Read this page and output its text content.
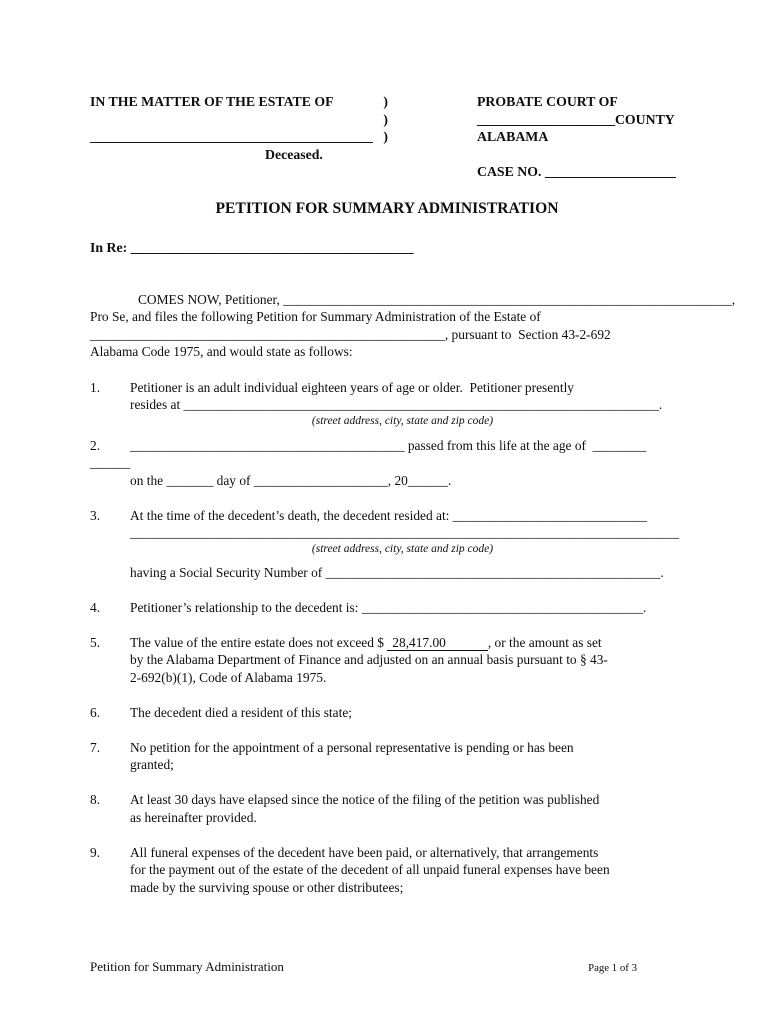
IN THE MATTER OF THE ESTATE OF	)

)
_________________________________________ )
Deceased.
PROBATE COURT OF
____________________COUNTY
ALABAMA

CASE NO. ___________________
PETITION FOR SUMMARY ADMINISTRATION
In Re: _________________________________________
COMES NOW, Petitioner, ___________________________________________________________________,
Pro Se, and files the following Petition for Summary Administration of the Estate of
_____________________________________________________, pursuant to  Section 43-2-692
Alabama Code 1975, and would state as follows:
1.	Petitioner is an adult individual eighteen years of age or older.  Petitioner presently
resides at _______________________________________________________________________.
(street address, city, state and zip code)
2.	_________________________________________ passed from this life at the age of  ________
______
on the _______ day of ____________________, 20______.
3.	At the time of the decedent’s death, the decedent resided at: _____________________________
__________________________________________________________________________________
(street address, city, state and zip code)
having a Social Security Number of __________________________________________________.
4.	Petitioner’s relationship to the decedent is: __________________________________________.
5.	The value of the entire estate does not exceed $ 28,417.00	, or the amount as set
by the Alabama Department of Finance and adjusted on an annual basis pursuant to § 43-
2-692(b)(1), Code of Alabama 1975.
6.	The decedent died a resident of this state;
7.	No petition for the appointment of a personal representative is pending or has been
granted;
8.	At least 30 days have elapsed since the notice of the filing of the petition was published
as hereinafter provided.
9.	All funeral expenses of the decedent have been paid, or alternatively, that arrangements
for the payment out of the estate of the decedent of all unpaid funeral expenses have been
made by the surviving spouse or other distributees;
Petition for Summary Administration	Page 1 of 3
